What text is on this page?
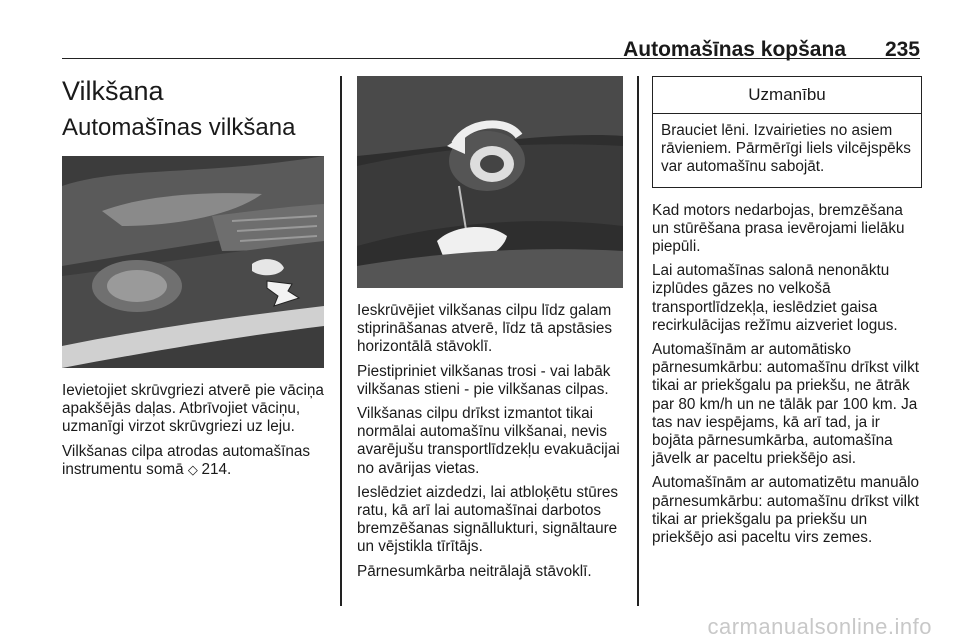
Automašīnas kopšana 235
Vilkšana
Automašīnas vilkšana

Ievietojiet skrūvgriezi atverē pie vāciņa apakšējās daļas. Atbrīvojiet vāciņu, uzmanīgi virzot skrūvgriezi uz leju.

Vilkšanas cilpa atrodas automašīnas instrumentu somā ◇ 214.

Ieskrūvējiet vilkšanas cilpu līdz galam stiprināšanas atverē, līdz tā apstāsies horizontālā stāvoklī.

Piestipriniet vilkšanas trosi - vai labāk vilkšanas stieni - pie vilkšanas cilpas.

Vilkšanas cilpu drīkst izmantot tikai normālai automašīnu vilkšanai, nevis avarējušu transportlīdzekļu evakuācijai no avārijas vietas.

Ieslēdziet aizdedzi, lai atbloķētu stūres ratu, kā arī lai automašīnai darbotos bremzēšanas signāllukturi, signāltaure un vējstikla tīrītājs.

Pārnesumkārba neitrālajā stāvoklī.

Uzmanību
Brauciet lēni. Izvairieties no asiem rāvieniem. Pārmērīgi liels vilcējspēks var automašīnu sabojāt.

Kad motors nedarbojas, bremzēšana un stūrēšana prasa ievērojami lielāku piepūli.

Lai automašīnas salonā nenonāktu izplūdes gāzes no velkošā transportlīdzekļa, ieslēdziet gaisa recirkulācijas režīmu aizveriet logus.

Automašīnām ar automātisko pārnesumkārbu: automašīnu drīkst vilkt tikai ar priekšgalu pa priekšu, ne ātrāk par 80 km/h un ne tālāk par 100 km. Ja tas nav iespējams, kā arī tad, ja ir bojāta pārnesumkārba, automašīna jāvelk ar paceltu priekšējo asi.

Automašīnām ar automatizētu manuālo pārnesumkārbu: automašīnu drīkst vilkt tikai ar priekšgalu pa priekšu un priekšējo asi paceltu virs zemes.

carmanualsonline.info
